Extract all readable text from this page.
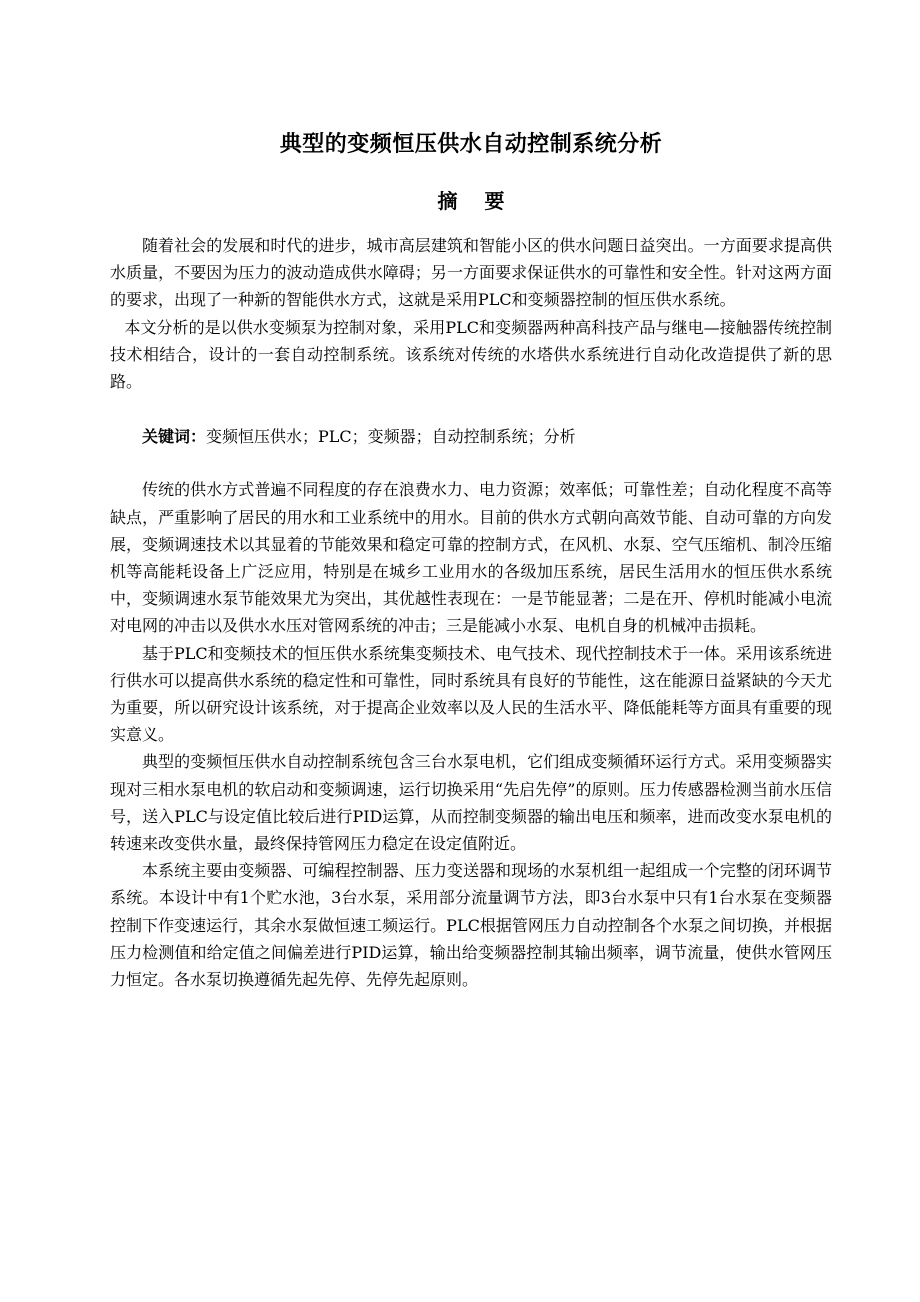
典型的变频恒压供水自动控制系统分析
摘 要

随着社会的发展和时代的进步，城市高层建筑和智能小区的供水问题日益突出。一方面要求提高供水质量，不要因为压力的波动造成供水障碍；另一方面要求保证供水的可靠性和安全性。针对这两方面的要求，出现了一种新的智能供水方式，这就是采用PLC和变频器控制的恒压供水系统。

本文分析的是以供水变频泵为控制对象，采用PLC和变频器两种高科技产品与继电—接触器传统控制技术相结合，设计的一套自动控制系统。该系统对传统的水塔供水系统进行自动化改造提供了新的思路。

关键词：变频恒压供水；PLC；变频器；自动控制系统；分析

传统的供水方式普遍不同程度的存在浪费水力、电力资源；效率低；可靠性差；自动化程度不高等缺点，严重影响了居民的用水和工业系统中的用水。目前的供水方式朝向高效节能、自动可靠的方向发展，变频调速技术以其显着的节能效果和稳定可靠的控制方式，在风机、水泵、空气压缩机、制冷压缩机等高能耗设备上广泛应用，特别是在城乡工业用水的各级加压系统，居民生活用水的恒压供水系统中，变频调速水泵节能效果尤为突出，其优越性表现在：一是节能显著；二是在开、停机时能减小电流对电网的冲击以及供水水压对管网系统的冲击；三是能减小水泵、电机自身的机械冲击损耗。

基于PLC和变频技术的恒压供水系统集变频技术、电气技术、现代控制技术于一体。采用该系统进行供水可以提高供水系统的稳定性和可靠性，同时系统具有良好的节能性，这在能源日益紧缺的今天尤为重要，所以研究设计该系统，对于提高企业效率以及人民的生活水平、降低能耗等方面具有重要的现实意义。

典型的变频恒压供水自动控制系统包含三台水泵电机，它们组成变频循环运行方式。采用变频器实现对三相水泵电机的软启动和变频调速，运行切换采用“先启先停”的原则。压力传感器检测当前水压信号，送入PLC与设定值比较后进行PID运算，从而控制变频器的输出电压和频率，进而改变水泵电机的转速来改变供水量，最终保持管网压力稳定在设定值附近。

本系统主要由变频器、可编程控制器、压力变送器和现场的水泵机组一起组成一个完整的闭环调节系统。本设计中有1个贮水池，3台水泵，采用部分流量调节方法，即3台水泵中只有1台水泵在变频器控制下作变速运行，其余水泵做恒速工频运行。PLC根据管网压力自动控制各个水泵之间切换，并根据压力检测值和给定值之间偏差进行PID运算，输出给变频器控制其输出频率，调节流量，使供水管网压力恒定。各水泵切换遵循先起先停、先停先起原则。
